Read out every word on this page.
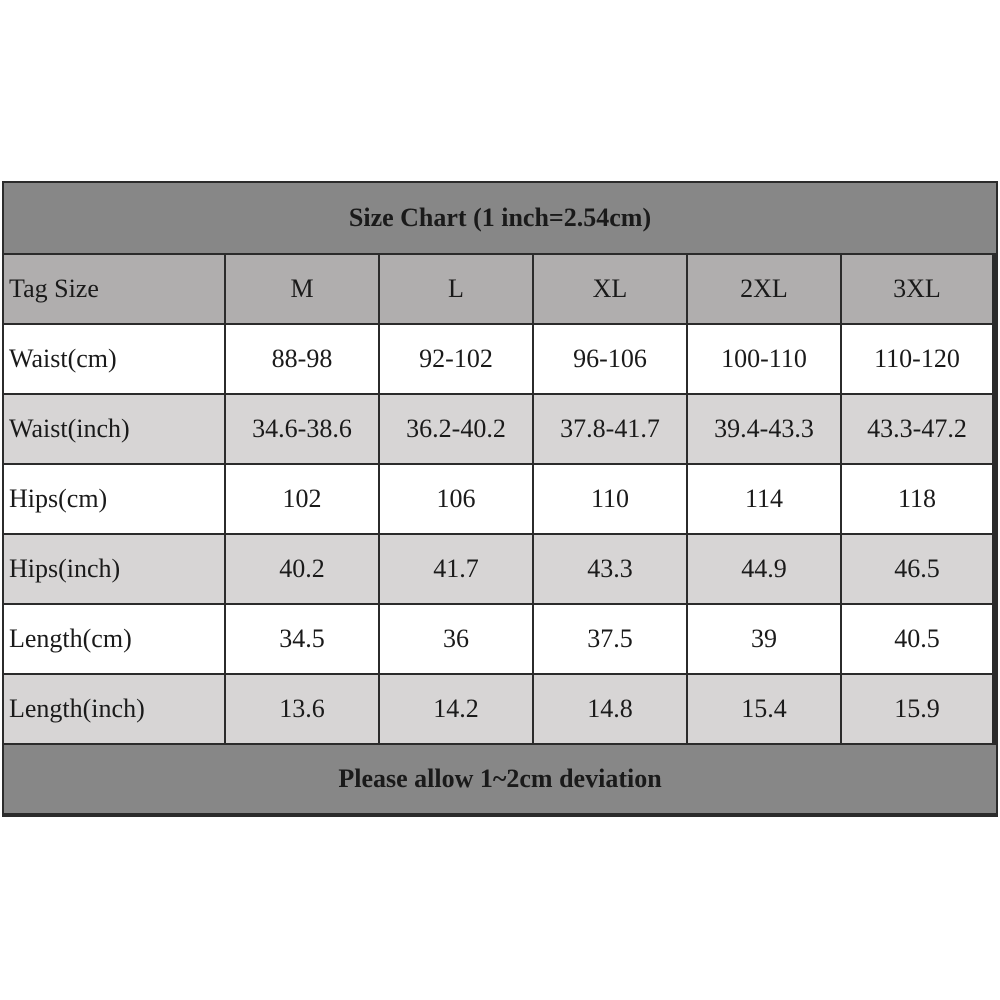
Size Chart (1 inch=2.54cm)
Tag Size	M	L	XL	2XL	3XL
Waist(cm)	88-98	92-102	96-106	100-110	110-120
Waist(inch)	34.6-38.6	36.2-40.2	37.8-41.7	39.4-43.3	43.3-47.2
Hips(cm)	102	106	110	114	118
Hips(inch)	40.2	41.7	43.3	44.9	46.5
Length(cm)	34.5	36	37.5	39	40.5
Length(inch)	13.6	14.2	14.8	15.4	15.9
Please allow 1~2cm deviation
